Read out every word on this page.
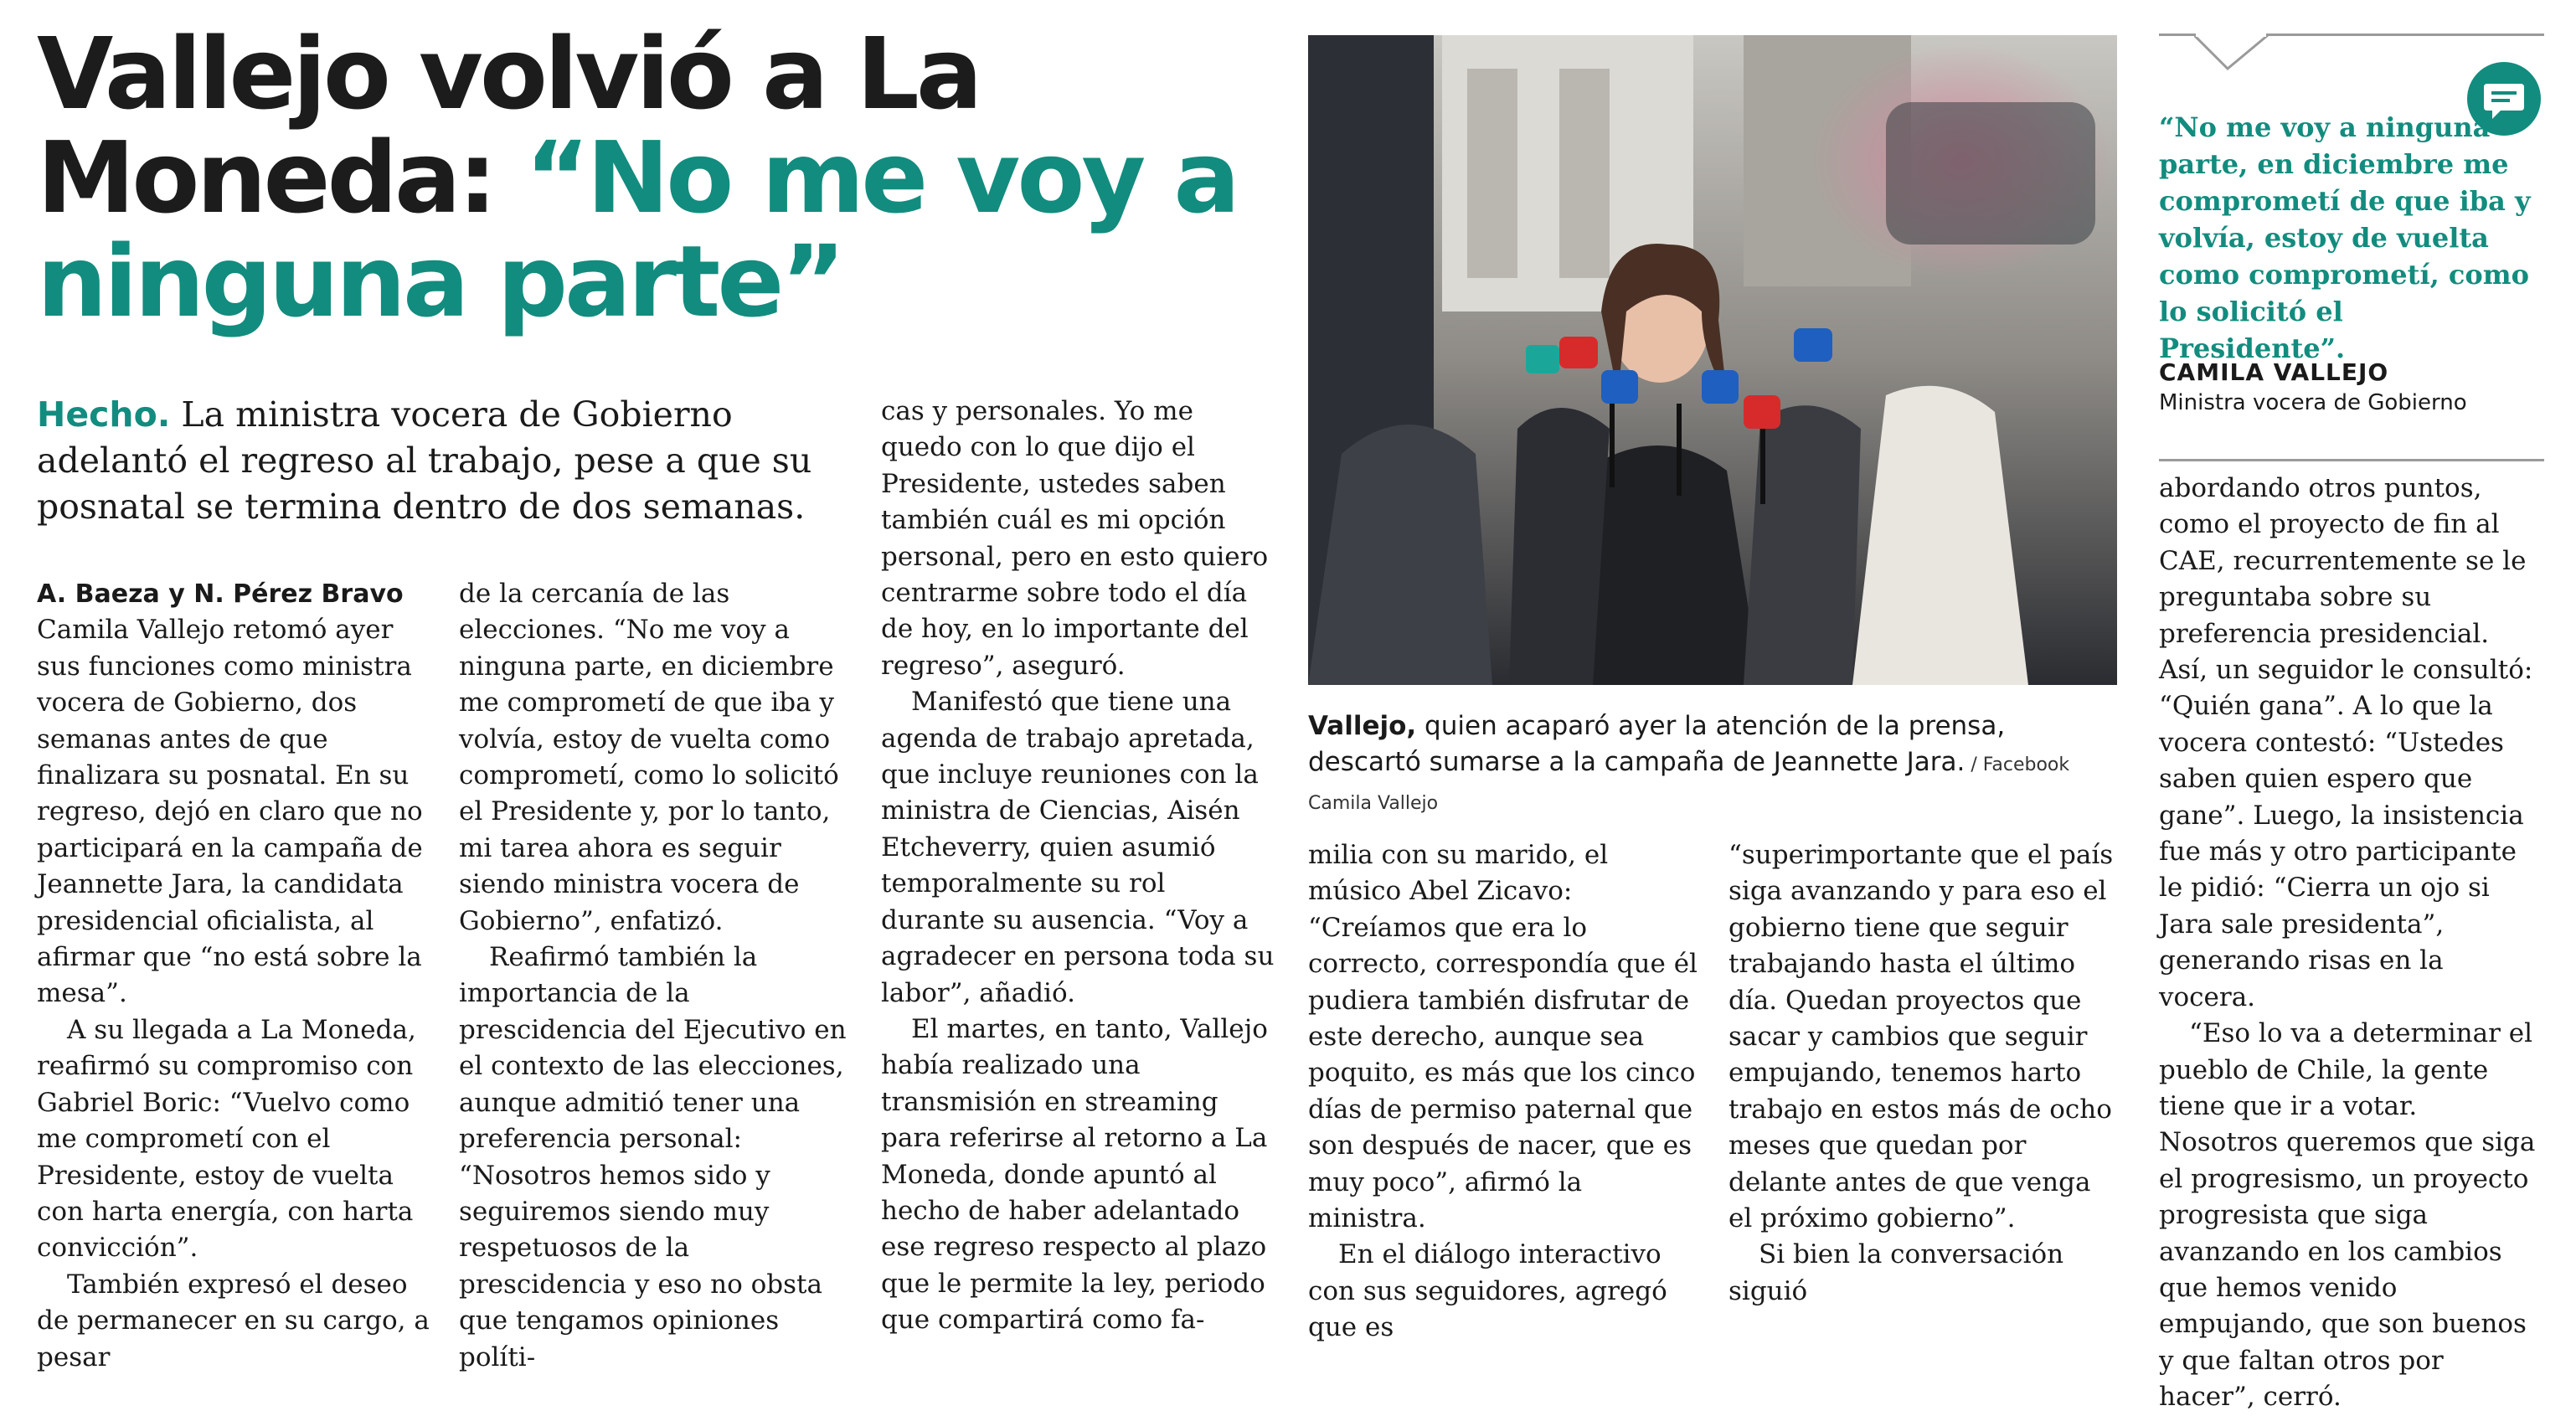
Vallejo volvió a La Moneda: “No me voy a ninguna parte”
Hecho. La ministra vocera de Gobierno adelantó el regreso al trabajo, pese a que su posnatal se termina dentro de dos semanas.

A. Baeza y N. Pérez Bravo

Camila Vallejo retomó ayer sus funciones como ministra vocera de Gobierno, dos semanas antes de que finalizara su posnatal. En su regreso, dejó en claro que no participará en la campaña de Jeannette Jara, la candidata presidencial oficialista, al afirmar que “no está sobre la mesa”.

A su llegada a La Moneda, reafirmó su compromiso con Gabriel Boric: “Vuelvo como me comprometí con el Presidente, estoy de vuelta con harta energía, con harta convicción”.

También expresó el deseo de permanecer en su cargo, a pesar

de la cercanía de las elecciones. “No me voy a ninguna parte, en diciembre me comprometí de que iba y volvía, estoy de vuelta como comprometí, como lo solicitó el Presidente y, por lo tanto, mi tarea ahora es seguir siendo ministra vocera de Gobierno”, enfatizó.

Reafirmó también la importancia de la prescidencia del Ejecutivo en el contexto de las elecciones, aunque admitió tener una preferencia personal: “Nosotros hemos sido y seguiremos siendo muy respetuosos de la prescidencia y eso no obsta que tengamos opiniones políti-

cas y personales. Yo me quedo con lo que dijo el Presidente, ustedes saben también cuál es mi opción personal, pero en esto quiero centrarme sobre todo el día de hoy, en lo importante del regreso”, aseguró.

Manifestó que tiene una agenda de trabajo apretada, que incluye reuniones con la ministra de Ciencias, Aisén Etcheverry, quien asumió temporalmente su rol durante su ausencia. “Voy a agradecer en persona toda su labor”, añadió.

El martes, en tanto, Vallejo había realizado una transmisión en streaming para referirse al retorno a La Moneda, donde apuntó al hecho de haber adelantado ese regreso respecto al plazo que le permite la ley, periodo que compartirá como fa-

Vallejo, quien acaparó ayer la atención de la prensa, descartó sumarse a la campaña de Jeannette Jara. / Facebook Camila Vallejo

milia con su marido, el músico Abel Zicavo: “Creíamos que era lo correcto, correspondía que él pudiera también disfrutar de este derecho, aunque sea poquito, es más que los cinco días de permiso paternal que son después de nacer, que es muy poco”, afirmó la ministra.

En el diálogo interactivo con sus seguidores, agregó que es

“superimportante que el país siga avanzando y para eso el gobierno tiene que seguir trabajando hasta el último día. Quedan proyectos que sacar y cambios que seguir empujando, tenemos harto trabajo en estos más de ocho meses que quedan por delante antes de que venga el próximo gobierno”.

Si bien la conversación siguió

“No me voy a ninguna parte, en diciembre me comprometí de que iba y volvía, estoy de vuelta como comprometí, como lo solicitó el Presidente”.
CAMILA VALLEJO
Ministra vocera de Gobierno

abordando otros puntos, como el proyecto de fin al CAE, recurrentemente se le preguntaba sobre su preferencia presidencial. Así, un seguidor le consultó: “Quién gana”. A lo que la vocera contestó: “Ustedes saben quien espero que gane”. Luego, la insistencia fue más y otro participante le pidió: “Cierra un ojo si Jara sale presidenta”, generando risas en la vocera.

“Eso lo va a determinar el pueblo de Chile, la gente tiene que ir a votar. Nosotros queremos que siga el progresismo, un proyecto progresista que siga avanzando en los cambios que hemos venido empujando, que son buenos y que faltan otros por hacer”, cerró.
